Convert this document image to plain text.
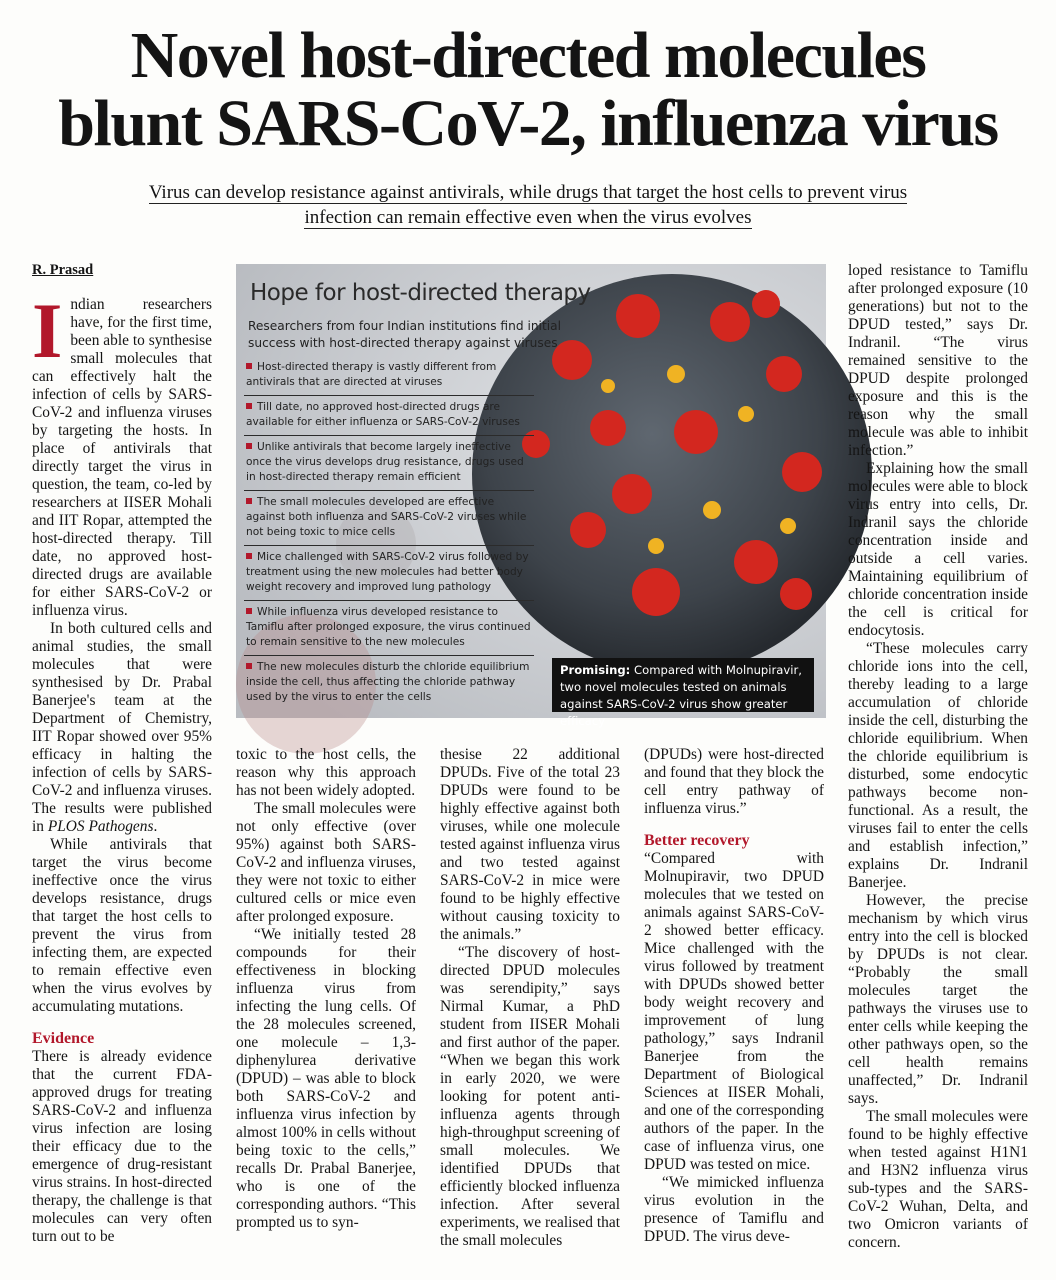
Novel host-directed molecules
blunt SARS-CoV-2, influenza virus
Virus can develop resistance against antivirals, while drugs that target the host cells to prevent virus
infection can remain effective even when the virus evolves
R. Prasad

Indian researchers have, for the first time, been able to synthesise small molecules that can effectively halt the infection of cells by SARS-CoV-2 and influenza viruses by targeting the hosts. In place of antivirals that directly target the virus in question, the team, co-led by researchers at IISER Mohali and IIT Ropar, attempted the host-directed therapy. Till date, no approved host-directed drugs are available for either SARS-CoV-2 or influenza virus.

In both cultured cells and animal studies, the small molecules that were synthesised by Dr. Prabal Banerjee's team at the Department of Chemistry, IIT Ropar showed over 95% efficacy in halting the infection of cells by SARS-CoV-2 and influenza viruses. The results were published in PLOS Pathogens.

While antivirals that target the virus become ineffective once the virus develops resistance, drugs that target the host cells to prevent the virus from infecting them, are expected to remain effective even when the virus evolves by accumulating mutations.

Evidence

There is already evidence that the current FDA-approved drugs for treating SARS-CoV-2 and influenza virus infection are losing their efficacy due to the emergence of drug-resistant virus strains. In host-directed therapy, the challenge is that molecules can very often turn out to be

Hope for host-directed therapy
Researchers from four Indian institutions find initial success with host-directed therapy against viruses
Host-directed therapy is vastly different from antivirals that are directed at viruses
Till date, no approved host-directed drugs are available for either influenza or SARS-CoV-2 viruses
Unlike antivirals that become largely ineffective once the virus develops drug resistance, drugs used in host-directed therapy remain efficient
The small molecules developed are effective against both influenza and SARS-CoV-2 viruses while not being toxic to mice cells
Mice challenged with SARS-CoV-2 virus followed by treatment using the new molecules had better body weight recovery and improved lung pathology
While influenza virus developed resistance to Tamiflu after prolonged exposure, the virus continued to remain sensitive to the new molecules
The new molecules disturb the chloride equilibrium inside the cell, thus affecting the chloride pathway used by the virus to enter the cells
Promising: Compared with Molnupiravir, two novel molecules tested on animals against SARS-CoV-2 virus show greater efficacy

toxic to the host cells, the reason why this approach has not been widely adopted.

The small molecules were not only effective (over 95%) against both SARS-CoV-2 and influenza viruses, they were not toxic to either cultured cells or mice even after prolonged exposure.

“We initially tested 28 compounds for their effectiveness in blocking influenza virus from infecting the lung cells. Of the 28 molecules screened, one molecule – 1,3-diphenylurea derivative (DPUD) – was able to block both SARS-CoV-2 and influenza virus infection by almost 100% in cells without being toxic to the cells,” recalls Dr. Prabal Banerjee, who is one of the corresponding authors. “This prompted us to syn-

thesise 22 additional DPUDs. Five of the total 23 DPUDs were found to be highly effective against both viruses, while one molecule tested against influenza virus and two tested against SARS-CoV-2 in mice were found to be highly effective without causing toxicity to the animals.”

“The discovery of host-directed DPUD molecules was serendipity,” says Nirmal Kumar, a PhD student from IISER Mohali and first author of the paper. “When we began this work in early 2020, we were looking for potent anti-influenza agents through high-throughput screening of small molecules. We identified DPUDs that efficiently blocked influenza infection. After several experiments, we realised that the small molecules

(DPUDs) were host-directed and found that they block the cell entry pathway of influenza virus.”

Better recovery

“Compared with Molnupiravir, two DPUD molecules that we tested on animals against SARS-CoV-2 showed better efficacy. Mice challenged with the virus followed by treatment with DPUDs showed better body weight recovery and improvement of lung pathology,” says Indranil Banerjee from the Department of Biological Sciences at IISER Mohali, and one of the corresponding authors of the paper. In the case of influenza virus, one DPUD was tested on mice.

“We mimicked influenza virus evolution in the presence of Tamiflu and DPUD. The virus deve-

loped resistance to Tamiflu after prolonged exposure (10 generations) but not to the DPUD tested,” says Dr. Indranil. “The virus remained sensitive to the DPUD despite prolonged exposure and this is the reason why the small molecule was able to inhibit infection.”

Explaining how the small molecules were able to block virus entry into cells, Dr. Indranil says the chloride concentration inside and outside a cell varies. Maintaining equilibrium of chloride concentration inside the cell is critical for endocytosis.

“These molecules carry chloride ions into the cell, thereby leading to a large accumulation of chloride inside the cell, disturbing the chloride equilibrium. When the chloride equilibrium is disturbed, some endocytic pathways become non-functional. As a result, the viruses fail to enter the cells and establish infection,” explains Dr. Indranil Banerjee.

However, the precise mechanism by which virus entry into the cell is blocked by DPUDs is not clear. “Probably the small molecules target the pathways the viruses use to enter cells while keeping the other pathways open, so the cell health remains unaffected,” Dr. Indranil says.

The small molecules were found to be highly effective when tested against H1N1 and H3N2 influenza virus sub-types and the SARS-CoV-2 Wuhan, Delta, and two Omicron variants of concern.
